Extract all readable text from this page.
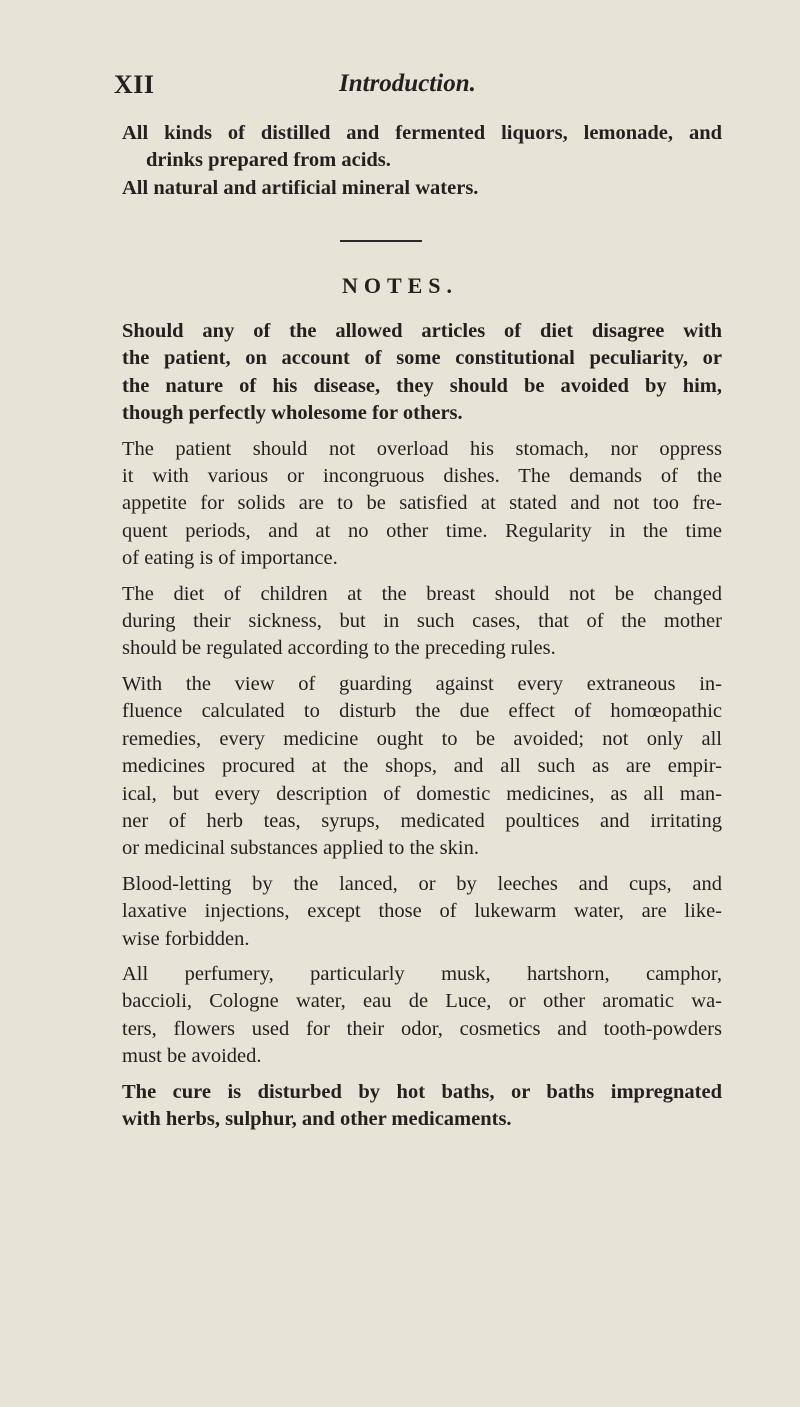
XII	Introduction.

All kinds of distilled and fermented liquors, lemonade, and
drinks prepared from acids.

All natural and artificial mineral waters.

NOTES.

Should any of the allowed articles of diet disagree with
the patient, on account of some constitutional peculiarity, or
the nature of his disease, they should be avoided by him,
though perfectly wholesome for others.

The patient should not overload his stomach, nor oppress
it with various or incongruous dishes. The demands of the
appetite for solids are to be satisfied at stated and not too fre-
quent periods, and at no other time. Regularity in the time
of eating is of importance.

The diet of children at the breast should not be changed
during their sickness, but in such cases, that of the mother
should be regulated according to the preceding rules.

With the view of guarding against every extraneous in-
fluence calculated to disturb the due effect of homœopathic
remedies, every medicine ought to be avoided; not only all
medicines procured at the shops, and all such as are empir-
ical, but every description of domestic medicines, as all man-
ner of herb teas, syrups, medicated poultices and irritating
or medicinal substances applied to the skin.

Blood-letting by the lanced, or by leeches and cups, and
laxative injections, except those of lukewarm water, are like-
wise forbidden.

All perfumery, particularly musk, hartshorn, camphor,
baccioli, Cologne water, eau de Luce, or other aromatic wa-
ters, flowers used for their odor, cosmetics and tooth-powders
must be avoided.

The cure is disturbed by hot baths, or baths impregnated
with herbs, sulphur, and other medicaments.
